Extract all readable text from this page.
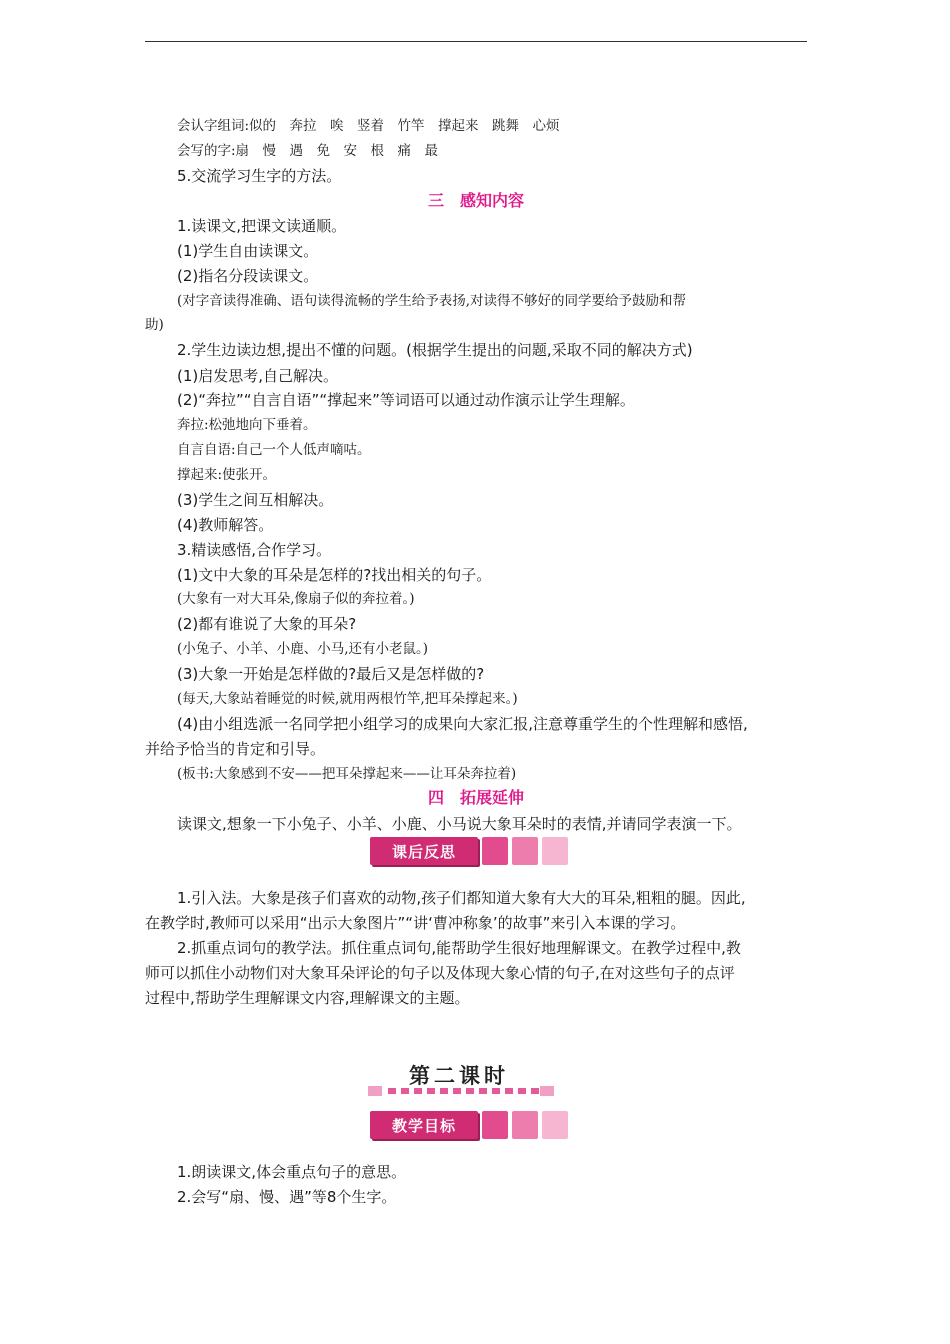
会认字组词:似的　奔拉　唉　竖着　竹竿　撑起来　跳舞　心烦
会写的字:扇　慢　遇　免　安　根　痛　最
5.交流学习生字的方法。
三　感知内容
1.读课文,把课文读通顺。
(1)学生自由读课文。
(2)指名分段读课文。
(对字音读得准确、语句读得流畅的学生给予表扬,对读得不够好的同学要给予鼓励和帮
助)
2.学生边读边想,提出不懂的问题。(根据学生提出的问题,采取不同的解决方式)
(1)启发思考,自己解决。
(2)“奔拉”“自言自语”“撑起来”等词语可以通过动作演示让学生理解。
奔拉:松弛地向下垂着。
自言自语:自己一个人低声嘀咕。
撑起来:使张开。
(3)学生之间互相解决。
(4)教师解答。
3.精读感悟,合作学习。
(1)文中大象的耳朵是怎样的?找出相关的句子。
(大象有一对大耳朵,像扇子似的奔拉着。)
(2)都有谁说了大象的耳朵?
(小兔子、小羊、小鹿、小马,还有小老鼠。)
(3)大象一开始是怎样做的?最后又是怎样做的?
(每天,大象站着睡觉的时候,就用两根竹竿,把耳朵撑起来。)
(4)由小组选派一名同学把小组学习的成果向大家汇报,注意尊重学生的个性理解和感悟,
并给予恰当的肯定和引导。
(板书:大象感到不安——把耳朵撑起来——让耳朵奔拉着)
四　拓展延伸
读课文,想象一下小兔子、小羊、小鹿、小马说大象耳朵时的表情,并请同学表演一下。
课后反思
1.引入法。大象是孩子们喜欢的动物,孩子们都知道大象有大大的耳朵,粗粗的腿。因此,
在教学时,教师可以采用“出示大象图片”“讲‘曹冲称象’的故事”来引入本课的学习。
2.抓重点词句的教学法。抓住重点词句,能帮助学生很好地理解课文。在教学过程中,教
师可以抓住小动物们对大象耳朵评论的句子以及体现大象心情的句子,在对这些句子的点评
过程中,帮助学生理解课文内容,理解课文的主题。
第二课时
教学目标
1.朗读课文,体会重点句子的意思。
2.会写“扇、慢、遇”等8个生字。
